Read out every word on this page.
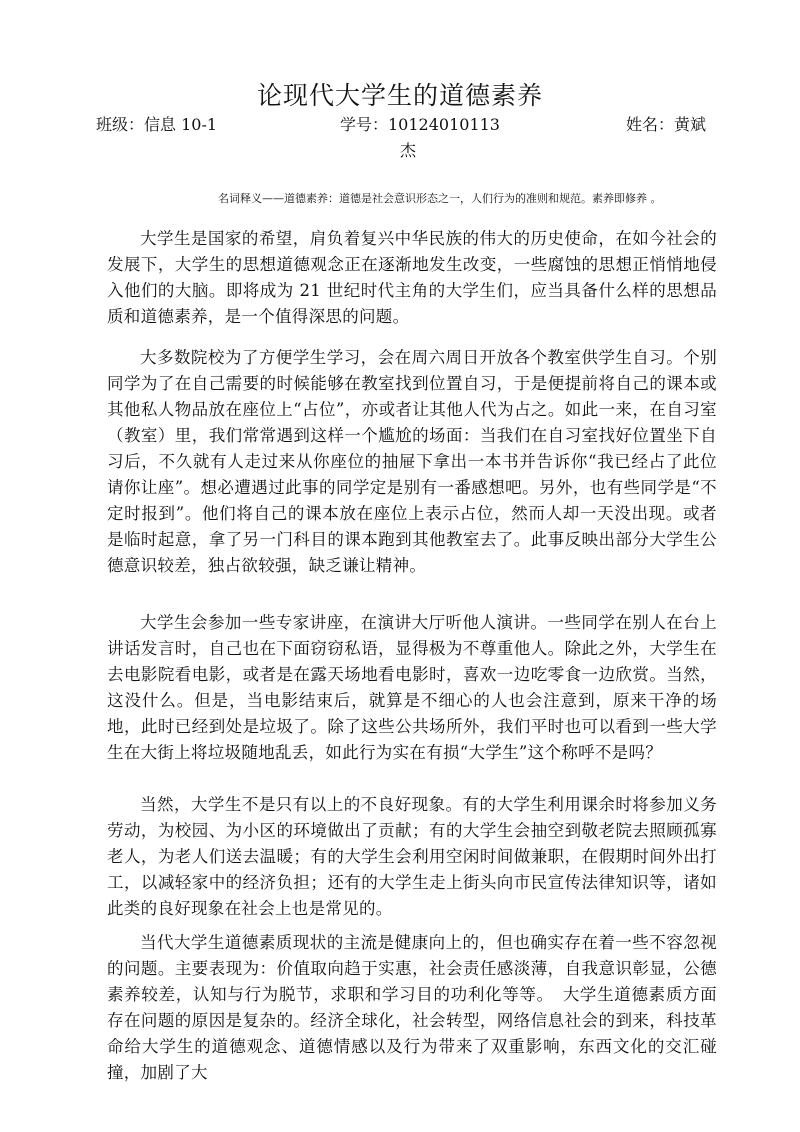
论现代大学生的道德素养
班级：信息 10-1	学号：10124010113	姓名：黄斌
杰
名词释义——道德素养：道德是社会意识形态之一，人们行为的准则和规范。素养即修养 。

大学生是国家的希望，肩负着复兴中华民族的伟大的历史使命，在如今社会的发展下，大学生的思想道德观念正在逐渐地发生改变，一些腐蚀的思想正悄悄地侵入他们的大脑。即将成为 21 世纪时代主角的大学生们，应当具备什么样的思想品质和道德素养，是一个值得深思的问题。

大多数院校为了方便学生学习，会在周六周日开放各个教室供学生自习。个别同学为了在自己需要的时候能够在教室找到位置自习，于是便提前将自己的课本或其他私人物品放在座位上“占位”，亦或者让其他人代为占之。如此一来，在自习室（教室）里，我们常常遇到这样一个尴尬的场面：当我们在自习室找好位置坐下自习后，不久就有人走过来从你座位的抽屉下拿出一本书并告诉你“我已经占了此位请你让座”。想必遭遇过此事的同学定是别有一番感想吧。另外，也有些同学是“不定时报到”。他们将自己的课本放在座位上表示占位，然而人却一天没出现。或者是临时起意，拿了另一门科目的课本跑到其他教室去了。此事反映出部分大学生公德意识较差，独占欲较强，缺乏谦让精神。

大学生会参加一些专家讲座，在演讲大厅听他人演讲。一些同学在别人在台上讲话发言时，自己也在下面窃窃私语，显得极为不尊重他人。除此之外，大学生在去电影院看电影，或者是在露天场地看电影时，喜欢一边吃零食一边欣赏。当然，这没什么。但是，当电影结束后，就算是不细心的人也会注意到，原来干净的场地，此时已经到处是垃圾了。除了这些公共场所外，我们平时也可以看到一些大学生在大街上将垃圾随地乱丢，如此行为实在有损“大学生”这个称呼不是吗？

当然，大学生不是只有以上的不良好现象。有的大学生利用课余时将参加义务劳动，为校园、为小区的环境做出了贡献；有的大学生会抽空到敬老院去照顾孤寡老人，为老人们送去温暖；有的大学生会利用空闲时间做兼职，在假期时间外出打工，以减轻家中的经济负担；还有的大学生走上街头向市民宣传法律知识等，诸如此类的良好现象在社会上也是常见的。

当代大学生道德素质现状的主流是健康向上的，但也确实存在着一些不容忽视的问题。主要表现为：价值取向趋于实惠，社会责任感淡薄，自我意识彰显，公德素养较差，认知与行为脱节，求职和学习目的功利化等等。　大学生道德素质方面存在问题的原因是复杂的。经济全球化，社会转型，网络信息社会的到来，科技革命给大学生的道德观念、道德情感以及行为带来了双重影响，东西文化的交汇碰撞，加剧了大
